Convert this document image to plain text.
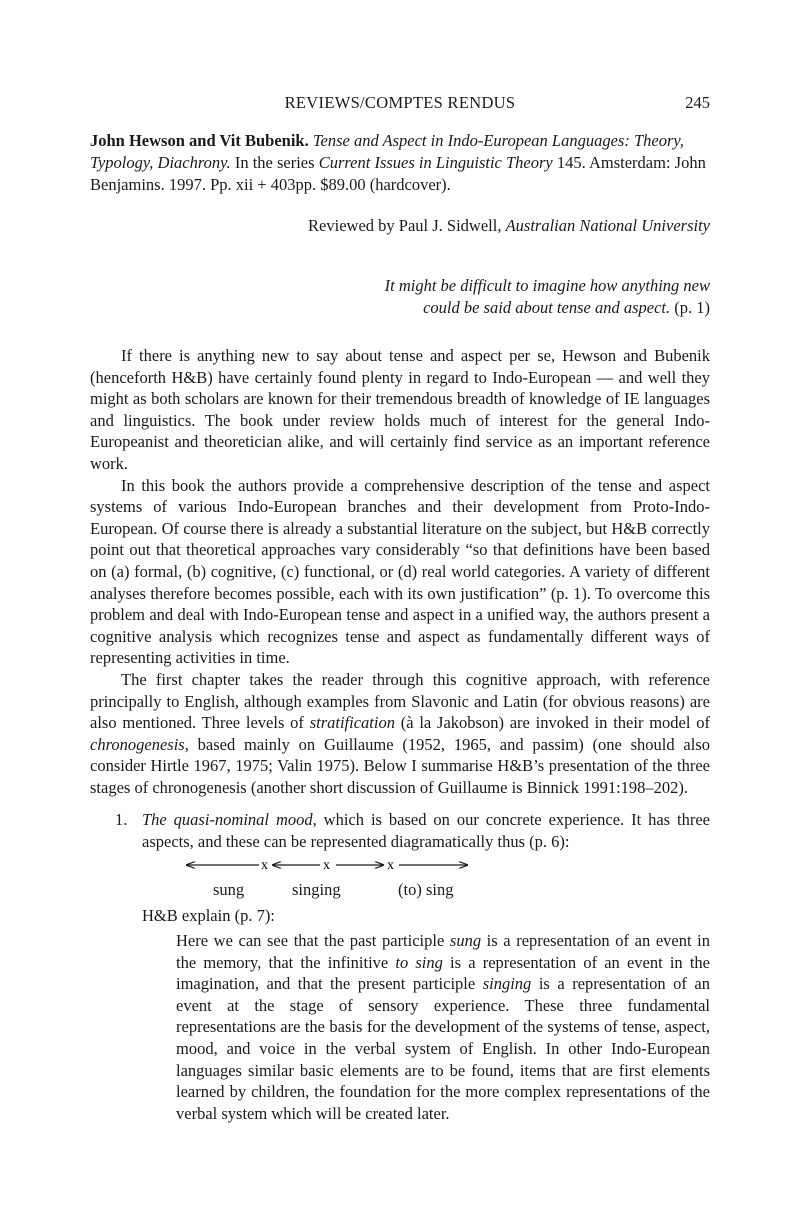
REVIEWS/COMPTES RENDUS	245
John Hewson and Vit Bubenik. Tense and Aspect in Indo-European Languages: Theory, Typology, Diachrony. In the series Current Issues in Linguistic Theory 145. Amsterdam: John Benjamins. 1997. Pp. xii + 403pp. $89.00 (hardcover).
Reviewed by Paul J. Sidwell, Australian National University
It might be difficult to imagine how anything new
could be said about tense and aspect. (p. 1)

If there is anything new to say about tense and aspect per se, Hewson and Bubenik (henceforth H&B) have certainly found plenty in regard to Indo-European — and well they might as both scholars are known for their tremendous breadth of knowledge of IE languages and linguistics. The book under review holds much of interest for the general Indo-Europeanist and theoretician alike, and will certainly find service as an important reference work.

In this book the authors provide a comprehensive description of the tense and aspect systems of various Indo-European branches and their development from Proto-Indo-European. Of course there is already a substantial literature on the subject, but H&B correctly point out that theoretical approaches vary considerably “so that definitions have been based on (a) formal, (b) cognitive, (c) functional, or (d) real world categories. A variety of different analyses therefore becomes possible, each with its own justification” (p. 1). To overcome this problem and deal with Indo-European tense and aspect in a unified way, the authors present a cognitive analysis which recognizes tense and aspect as fundamentally different ways of representing activities in time.

The first chapter takes the reader through this cognitive approach, with reference principally to English, although examples from Slavonic and Latin (for obvious reasons) are also mentioned. Three levels of stratification (à la Jakobson) are invoked in their model of chronogenesis, based mainly on Guillaume (1952, 1965, and passim) (one should also consider Hirtle 1967, 1975; Valin 1975). Below I summarise H&B’s presentation of the three stages of chronogenesis (another short discussion of Guillaume is Binnick 1991:198–202).

1. The quasi-nominal mood, which is based on our concrete experience. It has three aspects, and these can be represented diagramatically thus (p. 6):
x	x	x
sung	singing	(to) sing
H&B explain (p. 7):
Here we can see that the past participle sung is a representation of an event in the memory, that the infinitive to sing is a representation of an event in the imagination, and that the present participle singing is a representation of an event at the stage of sensory experience. These three fundamental representations are the basis for the development of the systems of tense, aspect, mood, and voice in the verbal system of English. In other Indo-European languages similar basic elements are to be found, items that are first elements learned by children, the foundation for the more complex representations of the verbal system which will be created later.
